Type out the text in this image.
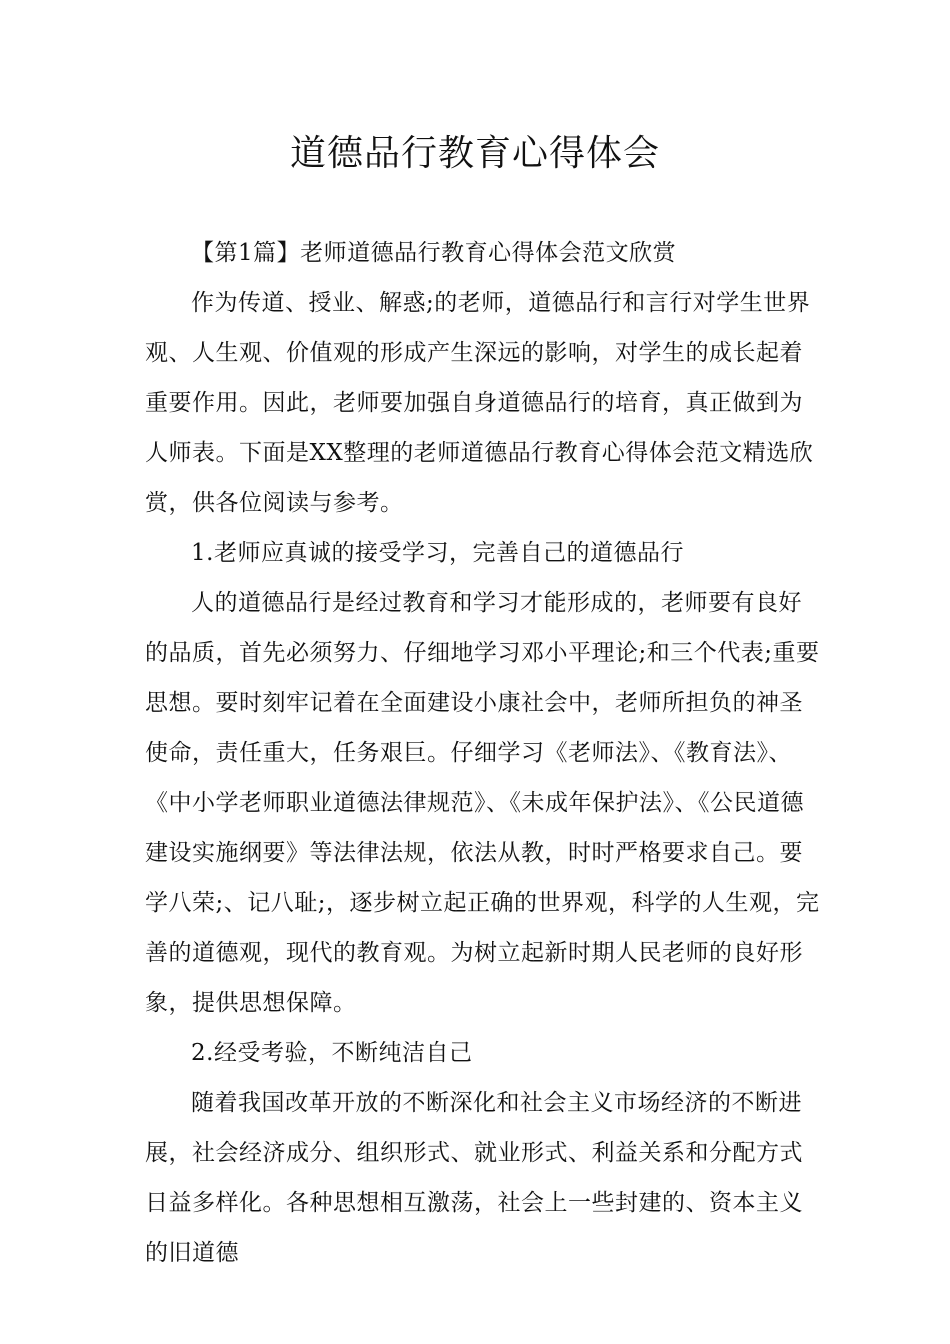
道德品行教育心得体会

【第1篇】老师道德品行教育心得体会范文欣赏

作为传道、授业、解惑;的老师，道德品行和言行对学生世界观、人生观、价值观的形成产生深远的影响，对学生的成长起着重要作用。因此，老师要加强自身道德品行的培育，真正做到为人师表。下面是XX整理的老师道德品行教育心得体会范文精选欣赏，供各位阅读与参考。

1.老师应真诚的接受学习，完善自己的道德品行

人的道德品行是经过教育和学习才能形成的，老师要有良好的品质，首先必须努力、仔细地学习邓小平理论;和三个代表;重要思想。要时刻牢记着在全面建设小康社会中，老师所担负的神圣使命，责任重大，任务艰巨。仔细学习《老师法》、《教育法》、《中小学老师职业道德法律规范》、《未成年保护法》、《公民道德建设实施纲要》等法律法规，依法从教，时时严格要求自己。要学八荣;、记八耻;，逐步树立起正确的世界观，科学的人生观，完善的道德观，现代的教育观。为树立起新时期人民老师的良好形象，提供思想保障。

2.经受考验，不断纯洁自己

随着我国改革开放的不断深化和社会主义市场经济的不断进展，社会经济成分、组织形式、就业形式、利益关系和分配方式日益多样化。各种思想相互激荡，社会上一些封建的、资本主义的旧道德
